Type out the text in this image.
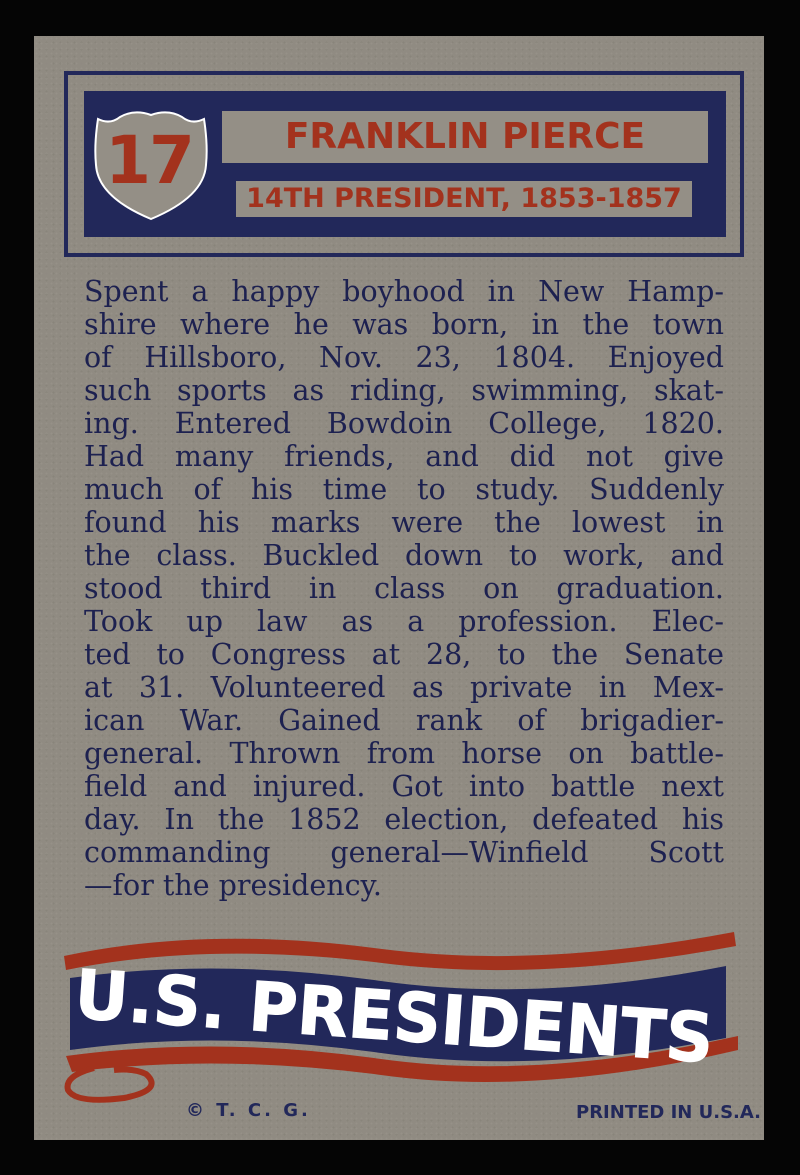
17	FRANKLIN PIERCE
14TH PRESIDENT, 1853-1857
Spent a happy boyhood in New Hamp-
shire where he was born, in the town
of Hillsboro, Nov. 23, 1804. Enjoyed
such sports as riding, swimming, skat-
ing. Entered Bowdoin College, 1820.
Had many friends, and did not give
much of his time to study. Suddenly
found his marks were the lowest in
the class. Buckled down to work, and
stood third in class on graduation.
Took up law as a profession. Elec-
ted to Congress at 28, to the Senate
at 31. Volunteered as private in Mex-
ican War. Gained rank of brigadier-
general. Thrown from horse on battle-
field and injured. Got into battle next
day. In the 1852 election, defeated his
commanding general—Winfield Scott
—for the presidency.
U.S. PRESIDENTS
© T. C. G.	PRINTED IN U.S.A.
